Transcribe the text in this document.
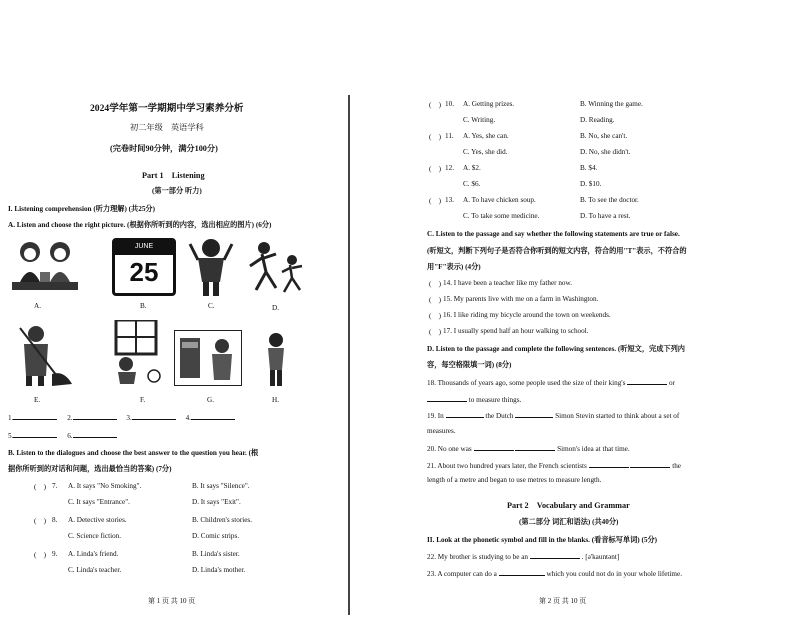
2024学年第一学期期中学习素养分析
初二年级　英语学科
(完卷时间90分钟，满分100分)
Part 1　Listening
(第一部分 听力)
I. Listening comprehension (听力理解) (共25分)
A. Listen and choose the right picture. (根据你所听到的内容，选出相应的图片) (6分)
JUNE
25
A.	B.	C.	D.
E.	F.	G.	H.
1.	2.	3.	4.
5.	6.
B. Listen to the dialogues and choose the best answer to the question you hear. (根
据你所听到的对话和问题，选出最恰当的答案) (7分)
(　) 7. A. It says "No Smoking".	B. It says "Silence".
C. It says "Entrance".	D. It says "Exit".
(　) 8. A. Detective stories.	B. Children's stories.
C. Science fiction.	D. Comic strips.
(　) 9. A. Linda's friend.	B. Linda's sister.
C. Linda's teacher.	D. Linda's mother.
第 1 页 共 10 页
(　) 10. A. Getting prizes.	B. Winning the game.
C. Writing.	D. Reading.
(　) 11. A. Yes, she can.	B. No, she can't.
C. Yes, she did.	D. No, she didn't.
(　) 12. A. $2.	B. $4.
C. $6.	D. $10.
(　) 13. A. To have chicken soup.	B. To see the doctor.
C. To take some medicine.	D. To have a rest.
C. Listen to the passage and say whether the following statements are true or false.
(听短文，判断下列句子是否符合你听到的短文内容，符合的用"T"表示，不符合的
用"F"表示) (4分)
(　) 14. I have been a teacher like my father now.
(　) 15. My parents live with me on a farm in Washington.
(　) 16. I like riding my bicycle around the town on weekends.
(　) 17. I usually spend half an hour walking to school.
D. Listen to the passage and complete the following sentences. (听短文，完成下列内
容，每空格限填一词) (8分)
18. Thousands of years ago, some people used the size of their king's	or
to measure things.
19. In	the Dutch	Simon Stevin started to think about a set of
measures.
20. No one was	Simon's idea at that time.
21. About two hundred years later, the French scientists	the
length of a metre and began to use metres to measure length.
Part 2　Vocabulary and Grammar
(第二部分 词汇和语法) (共40分)
II. Look at the phonetic symbol and fill in the blanks. (看音标写单词) (5分)
22. My brother is studying to be an	. [ə'kauntənt]
23. A computer can do a	which you could not do in your whole lifetime.
第 2 页 共 10 页
